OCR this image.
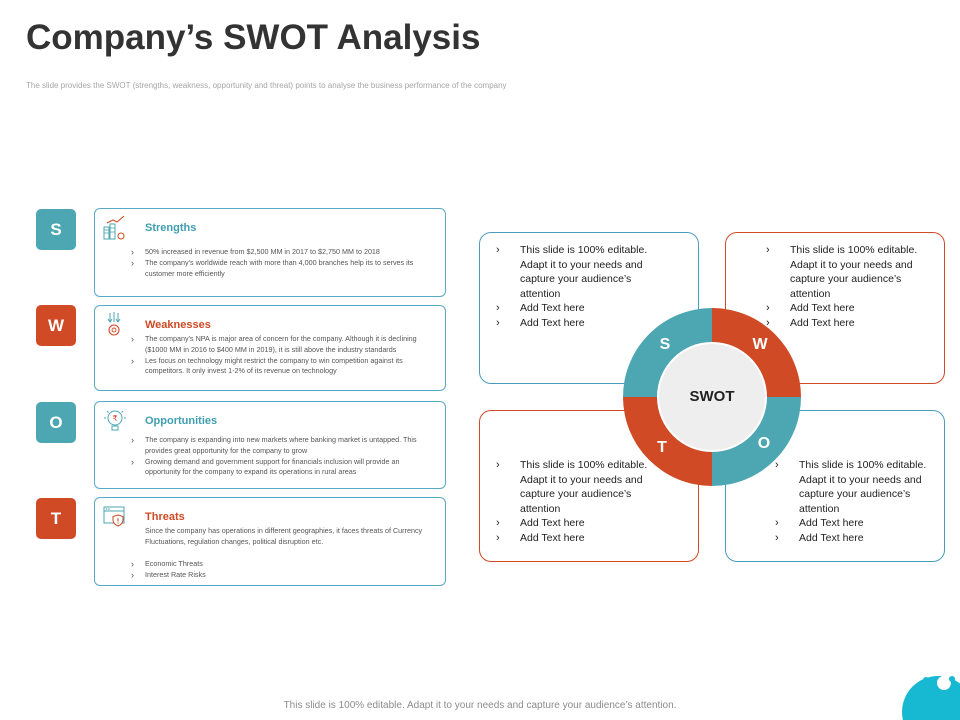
Company’s SWOT Analysis
The slide provides the SWOT (strengths, weakness, opportunity and threat) points to analyse the business performance of the company
S	Strengths
› 50% increased in revenue from $2,500 MM in 2017 to $2,750 MM to 2018
› The company’s worldwide reach with more than 4,000 branches help its to serves its customer more efficiently
W	Weaknesses
› The company’s NPA is major area of concern for the company. Although it is declining ($1000 MM in 2016 to $400 MM in 2019), it is still above the industry standards
› Les focus on technology might restrict the company to win competition against its competitors. It only invest 1-2% of its revenue on technology
O	₹ Opportunities
› The company is expanding into new markets where banking market is untapped. This provides great opportunity for the company to grow
› Growing demand and government support for financials inclusion will provide an opportunity for the company to expand its operations in rural areas
T	Threats
Since the company has operations in different geographies, it faces threats of Currency Fluctuations, regulation changes, political disruption etc.
› Economic Threats
› Interest Rate Risks
› This slide is 100% editable. Adapt it to your needs and capture your audience’s attention
› Add Text here
› Add Text here
› This slide is 100% editable. Adapt it to your needs and capture your audience’s attention
› Add Text here
› Add Text here
› This slide is 100% editable. Adapt it to your needs and capture your audience’s attention
› Add Text here
› Add Text here
› This slide is 100% editable. Adapt it to your needs and capture your audience’s attention
› Add Text here
› Add Text here
S	W
T	O
SWOT
This slide is 100% editable. Adapt it to your needs and capture your audience’s attention.
